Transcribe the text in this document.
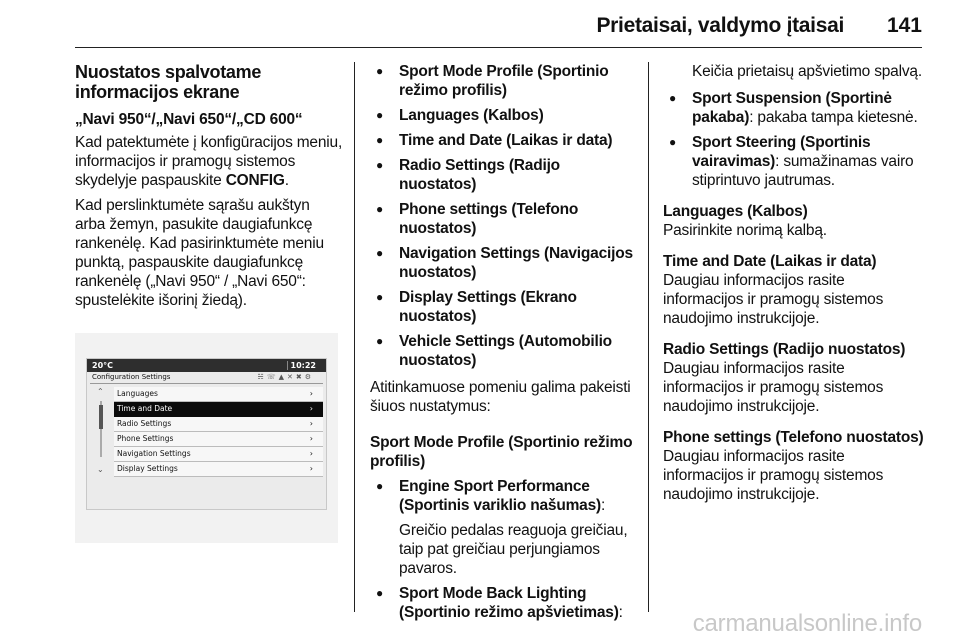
Prietaisai, valdymo įtaisai 141
Nuostatos spalvotame informacijos ekrane
„Navi 950“/„Navi 650“/„CD 600“

Kad patektumėte į konfigūracijos meniu, informacijos ir pramogų sistemos skydelyje paspauskite CONFIG.

Kad perslinktumėte sąrašu aukštyn arba žemyn, pasukite daugiafunkcę rankenėlę. Kad pasirinktumėte meniu punktą, paspauskite daugiafunkcę rankenėlę („Navi 950“ / „Navi 650“: spustelėkite išorinį žiedą).

20°C	10:22
Configuration Settings	☵☏▲✕✖⚙
⌃
⌄
Languages	›
Time and Date	›
Radio Settings	›
Phone Settings	›
Navigation Settings	›
Display Settings	›
● Sport Mode Profile (Sportinio režimo profilis)
● Languages (Kalbos)
● Time and Date (Laikas ir data)
● Radio Settings (Radijo nuostatos)
● Phone settings (Telefono nuostatos)
● Navigation Settings (Navigacijos nuostatos)
● Display Settings (Ekrano nuostatos)
● Vehicle Settings (Automobilio nuostatos)

Atitinkamuose pomeniu galima pakeisti šiuos nustatymus:

Sport Mode Profile (Sportinio režimo profilis)
● Engine Sport Performance (Sportinis variklio našumas):
Greičio pedalas reaguoja greičiau, taip pat greičiau perjungiamos pavaros.
● Sport Mode Back Lighting (Sportinio režimo apšvietimas):

Keičia prietaisų apšvietimo spalvą.

● Sport Suspension (Sportinė pakaba): pakaba tampa kietesnė.
● Sport Steering (Sportinis vairavimas): sumažinamas vairo stiprintuvo jautrumas.
Languages (Kalbos)

Pasirinkite norimą kalbą.

Time and Date (Laikas ir data)

Daugiau informacijos rasite informacijos ir pramogų sistemos naudojimo instrukcijoje.

Radio Settings (Radijo nuostatos)

Daugiau informacijos rasite informacijos ir pramogų sistemos naudojimo instrukcijoje.

Phone settings (Telefono nuostatos)

Daugiau informacijos rasite informacijos ir pramogų sistemos naudojimo instrukcijoje.

carmanualsonline.info
